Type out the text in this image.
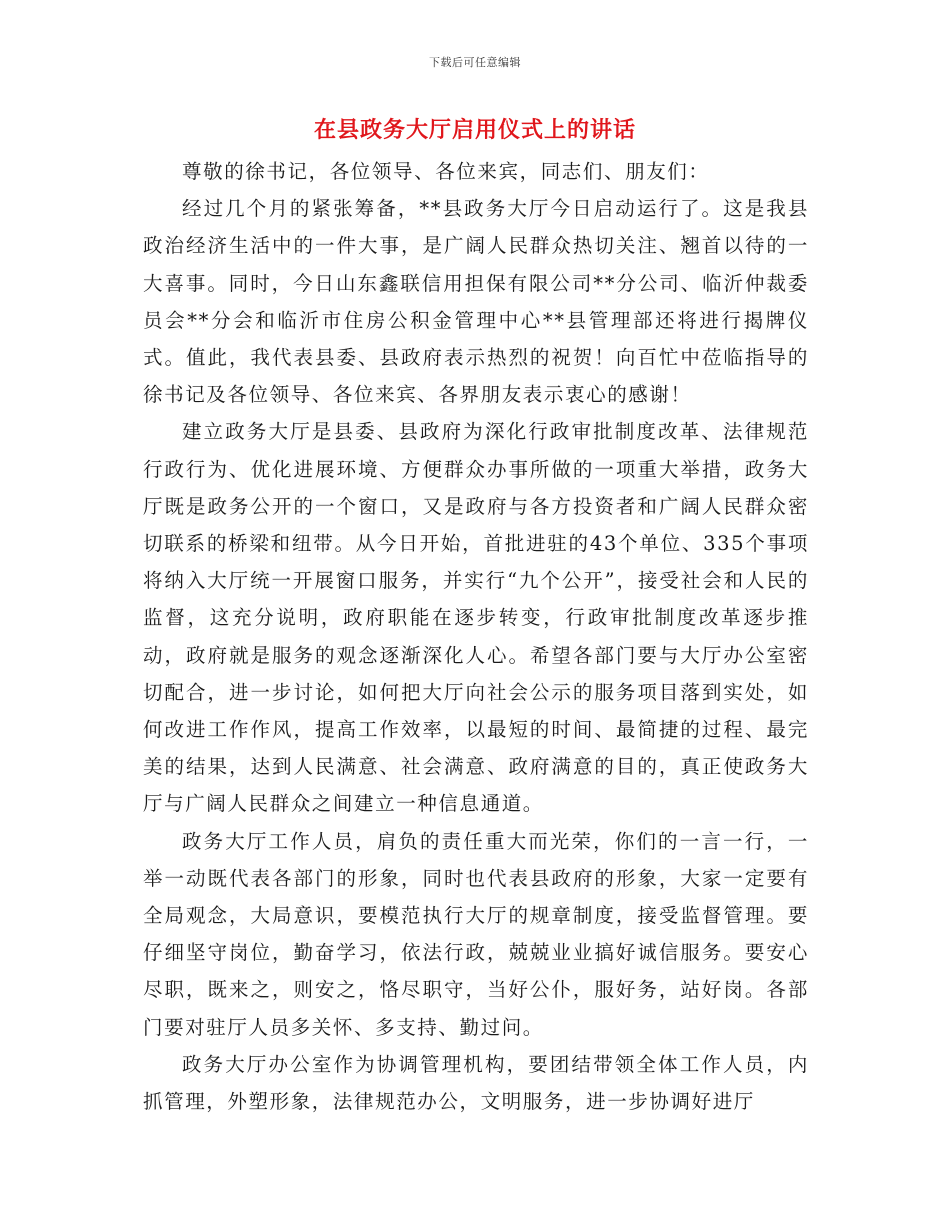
下载后可任意编辑
在县政务大厅启用仪式上的讲话

尊敬的徐书记，各位领导、各位来宾，同志们、朋友们：

经过几个月的紧张筹备，**县政务大厅今日启动运行了。这是我县政治经济生活中的一件大事，是广阔人民群众热切关注、翘首以待的一大喜事。同时，今日山东鑫联信用担保有限公司**分公司、临沂仲裁委员会**分会和临沂市住房公积金管理中心**县管理部还将进行揭牌仪式。值此，我代表县委、县政府表示热烈的祝贺！向百忙中莅临指导的徐书记及各位领导、各位来宾、各界朋友表示衷心的感谢！

建立政务大厅是县委、县政府为深化行政审批制度改革、法律规范行政行为、优化进展环境、方便群众办事所做的一项重大举措，政务大厅既是政务公开的一个窗口，又是政府与各方投资者和广阔人民群众密切联系的桥梁和纽带。从今日开始，首批进驻的43个单位、335个事项将纳入大厅统一开展窗口服务，并实行“九个公开”，接受社会和人民的监督，这充分说明，政府职能在逐步转变，行政审批制度改革逐步推动，政府就是服务的观念逐渐深化人心。希望各部门要与大厅办公室密切配合，进一步讨论，如何把大厅向社会公示的服务项目落到实处，如何改进工作作风，提高工作效率，以最短的时间、最简捷的过程、最完美的结果，达到人民满意、社会满意、政府满意的目的，真正使政务大厅与广阔人民群众之间建立一种信息通道。

政务大厅工作人员，肩负的责任重大而光荣，你们的一言一行，一举一动既代表各部门的形象，同时也代表县政府的形象，大家一定要有全局观念，大局意识，要模范执行大厅的规章制度，接受监督管理。要仔细坚守岗位，勤奋学习，依法行政，兢兢业业搞好诚信服务。要安心尽职，既来之，则安之，恪尽职守，当好公仆，服好务，站好岗。各部门要对驻厅人员多关怀、多支持、勤过问。

政务大厅办公室作为协调管理机构，要团结带领全体工作人员，内抓管理，外塑形象，法律规范办公，文明服务，进一步协调好进厅
